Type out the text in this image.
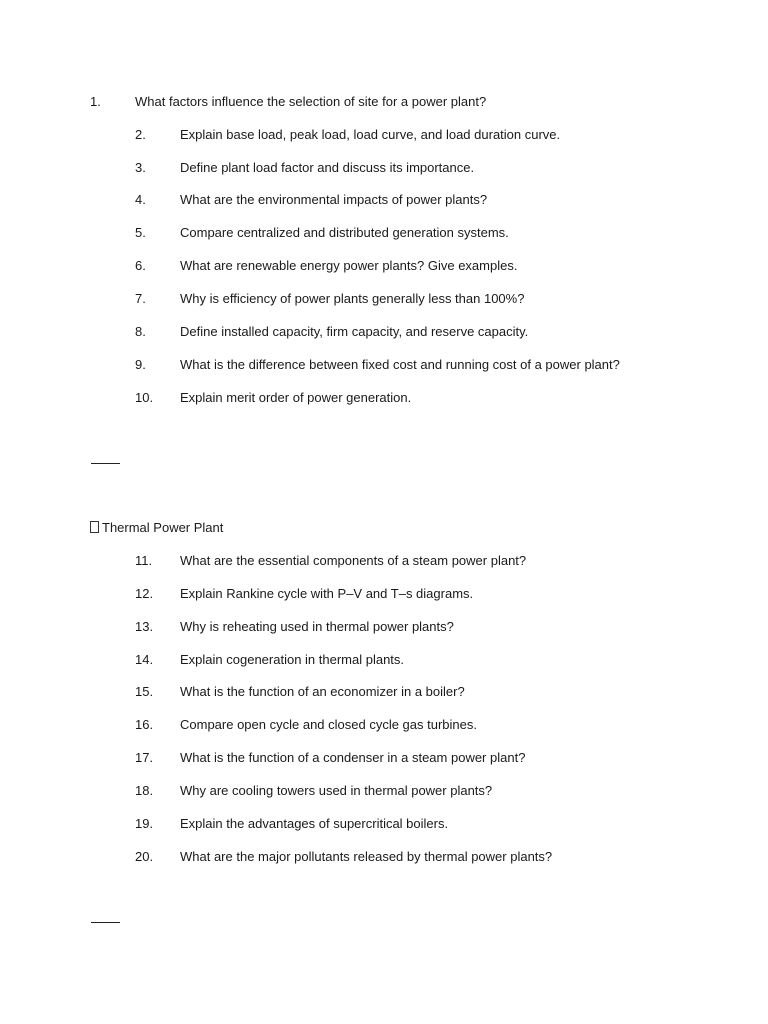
1.	What factors influence the selection of site for a power plant?
2.	Explain base load, peak load, load curve, and load duration curve.
3.	Define plant load factor and discuss its importance.
4.	What are the environmental impacts of power plants?
5.	Compare centralized and distributed generation systems.
6.	What are renewable energy power plants? Give examples.
7.	Why is efficiency of power plants generally less than 100%?
8.	Define installed capacity, firm capacity, and reserve capacity.
9.	What is the difference between fixed cost and running cost of a power plant?
10. Explain merit order of power generation.
Thermal Power Plant
11. What are the essential components of a steam power plant?
12. Explain Rankine cycle with P–V and T–s diagrams.
13. Why is reheating used in thermal power plants?
14. Explain cogeneration in thermal plants.
15. What is the function of an economizer in a boiler?
16. Compare open cycle and closed cycle gas turbines.
17. What is the function of a condenser in a steam power plant?
18. Why are cooling towers used in thermal power plants?
19. Explain the advantages of supercritical boilers.
20. What are the major pollutants released by thermal power plants?
